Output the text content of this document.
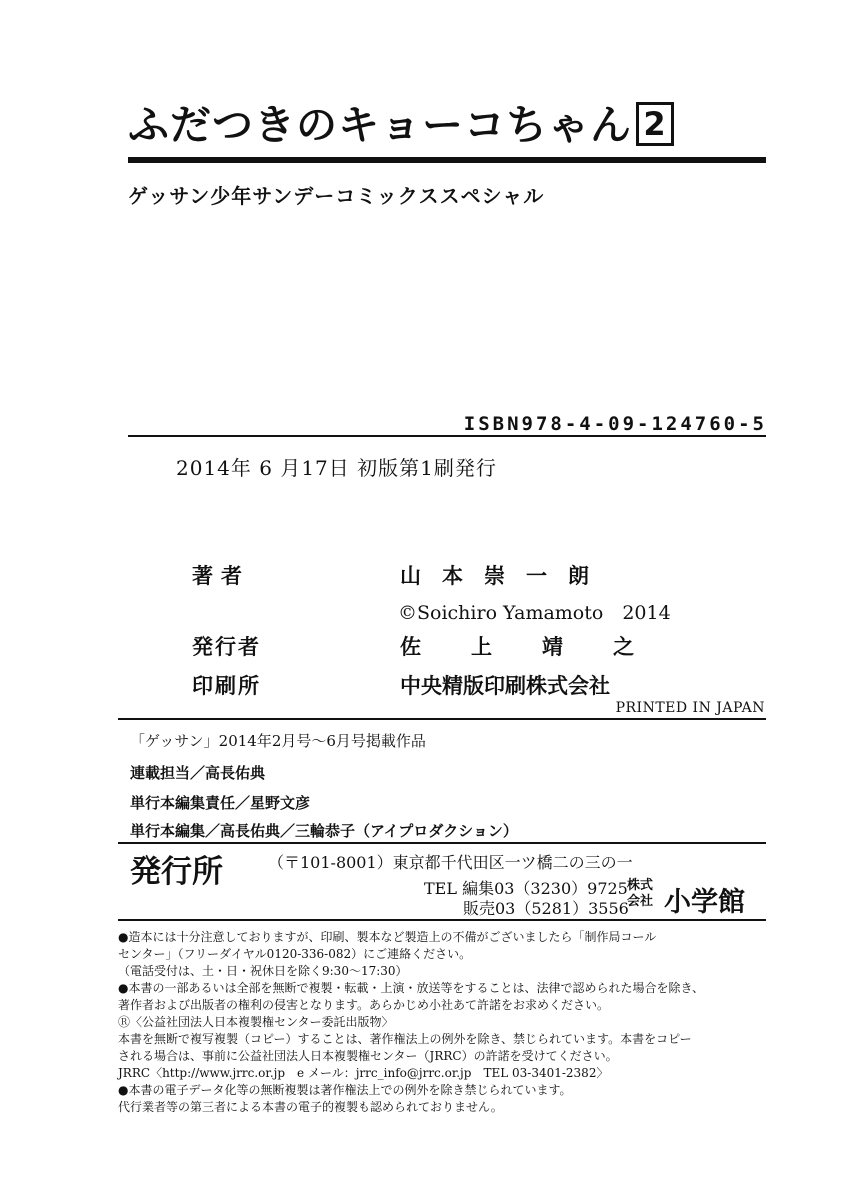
ふだつきのキョーコちゃん 2
ゲッサン少年サンデーコミックススペシャル
ISBN978-4-09-124760-5
2014年 6 月17日 初版第1刷発行
著者	山本崇一朗
©Soichiro Yamamoto　2014
発行者	佐上靖之
印刷所	中央精版印刷株式会社
PRINTED IN JAPAN
「ゲッサン」2014年2月号～6月号掲載作品
連載担当／高長佑典
単行本編集責任／星野文彦
単行本編集／高長佑典／三輪恭子（アイプロダクション）
発行所	（〒101-8001）東京都千代田区一ツ橋二の三の一
TEL 編集03（3230）9725
販売03（5281）3556
株式
会社 小学館
●造本には十分注意しておりますが、印刷、製本など製造上の不備がございましたら「制作局コール
センター」（フリーダイヤル0120-336-082）にご連絡ください。
（電話受付は、土・日・祝休日を除く9:30～17:30）
●本書の一部あるいは全部を無断で複製・転載・上演・放送等をすることは、法律で認められた場合を除き、
著作者および出版者の権利の侵害となります。あらかじめ小社あて許諾をお求めください。
Ⓡ〈公益社団法人日本複製権センター委託出版物〉
本書を無断で複写複製（コピー）することは、著作権法上の例外を除き、禁じられています。本書をコピー
される場合は、事前に公益社団法人日本複製権センター（JRRC）の許諾を受けてください。
JRRC〈http://www.jrrc.or.jp　e メール：jrrc_info@jrrc.or.jp　TEL 03-3401-2382〉
●本書の電子データ化等の無断複製は著作権法上での例外を除き禁じられています。
代行業者等の第三者による本書の電子的複製も認められておりません。
